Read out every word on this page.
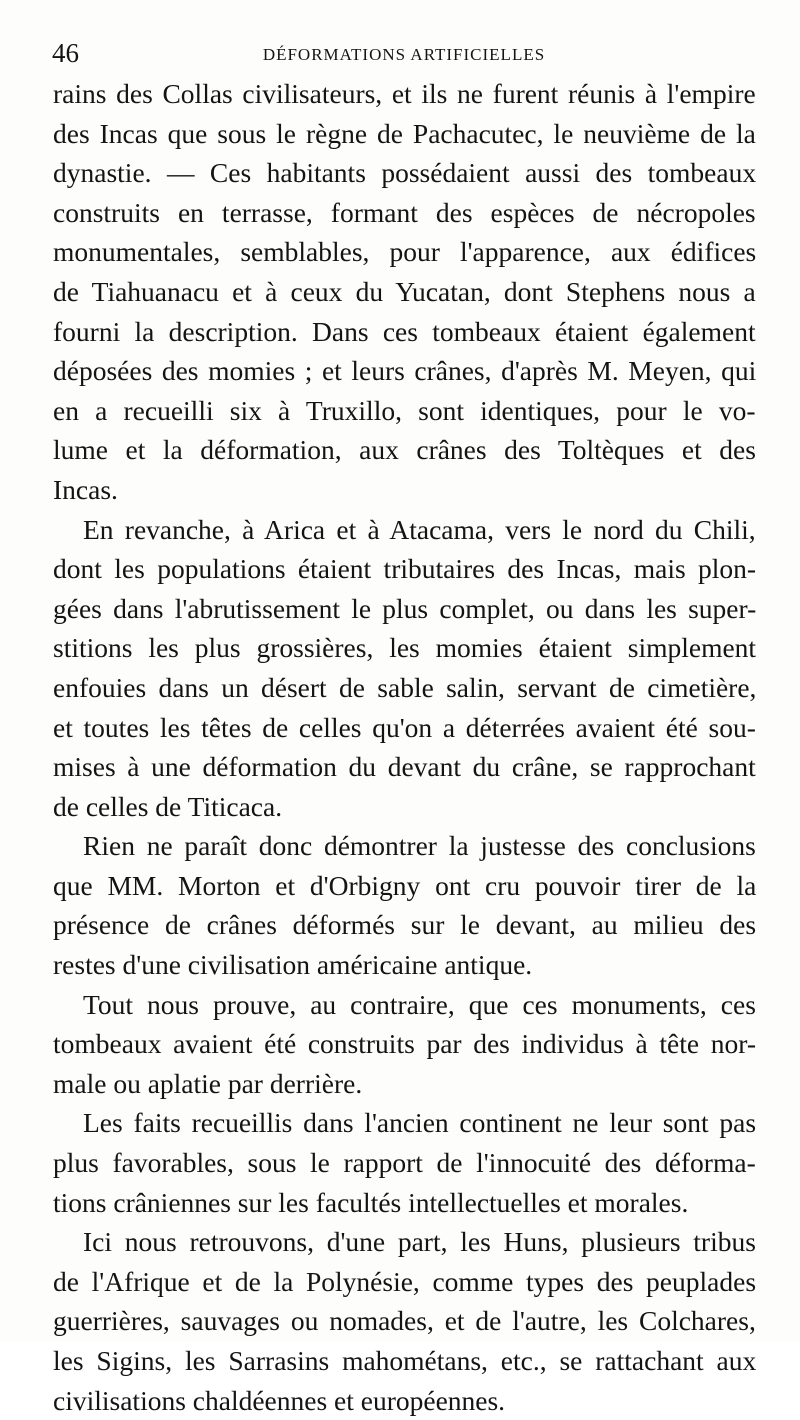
46	DÉFORMATIONS ARTIFICIELLES
rains des Collas civilisateurs, et ils ne furent réunis à l'empire
des Incas que sous le règne de Pachacutec, le neuvième de la
dynastie. — Ces habitants possédaient aussi des tombeaux
construits en terrasse, formant des espèces de nécropoles
monumentales, semblables, pour l'apparence, aux édifices
de Tiahuanacu et à ceux du Yucatan, dont Stephens nous a
fourni la description. Dans ces tombeaux étaient également
déposées des momies ; et leurs crânes, d'après M. Meyen, qui
en a recueilli six à Truxillo, sont identiques, pour le vo-
lume et la déformation, aux crânes des Toltèques et des
Incas.
En revanche, à Arica et à Atacama, vers le nord du Chili,
dont les populations étaient tributaires des Incas, mais plon-
gées dans l'abrutissement le plus complet, ou dans les super-
stitions les plus grossières, les momies étaient simplement
enfouies dans un désert de sable salin, servant de cimetière,
et toutes les têtes de celles qu'on a déterrées avaient été sou-
mises à une déformation du devant du crâne, se rapprochant
de celles de Titicaca.
Rien ne paraît donc démontrer la justesse des conclusions
que MM. Morton et d'Orbigny ont cru pouvoir tirer de la
présence de crânes déformés sur le devant, au milieu des
restes d'une civilisation américaine antique.
Tout nous prouve, au contraire, que ces monuments, ces
tombeaux avaient été construits par des individus à tête nor-
male ou aplatie par derrière.
Les faits recueillis dans l'ancien continent ne leur sont pas
plus favorables, sous le rapport de l'innocuité des déforma-
tions crâniennes sur les facultés intellectuelles et morales.
Ici nous retrouvons, d'une part, les Huns, plusieurs tribus
de l'Afrique et de la Polynésie, comme types des peuplades
guerrières, sauvages ou nomades, et de l'autre, les Colchares,
les Sigins, les Sarrasins mahométans, etc., se rattachant aux
civilisations chaldéennes et européennes.
